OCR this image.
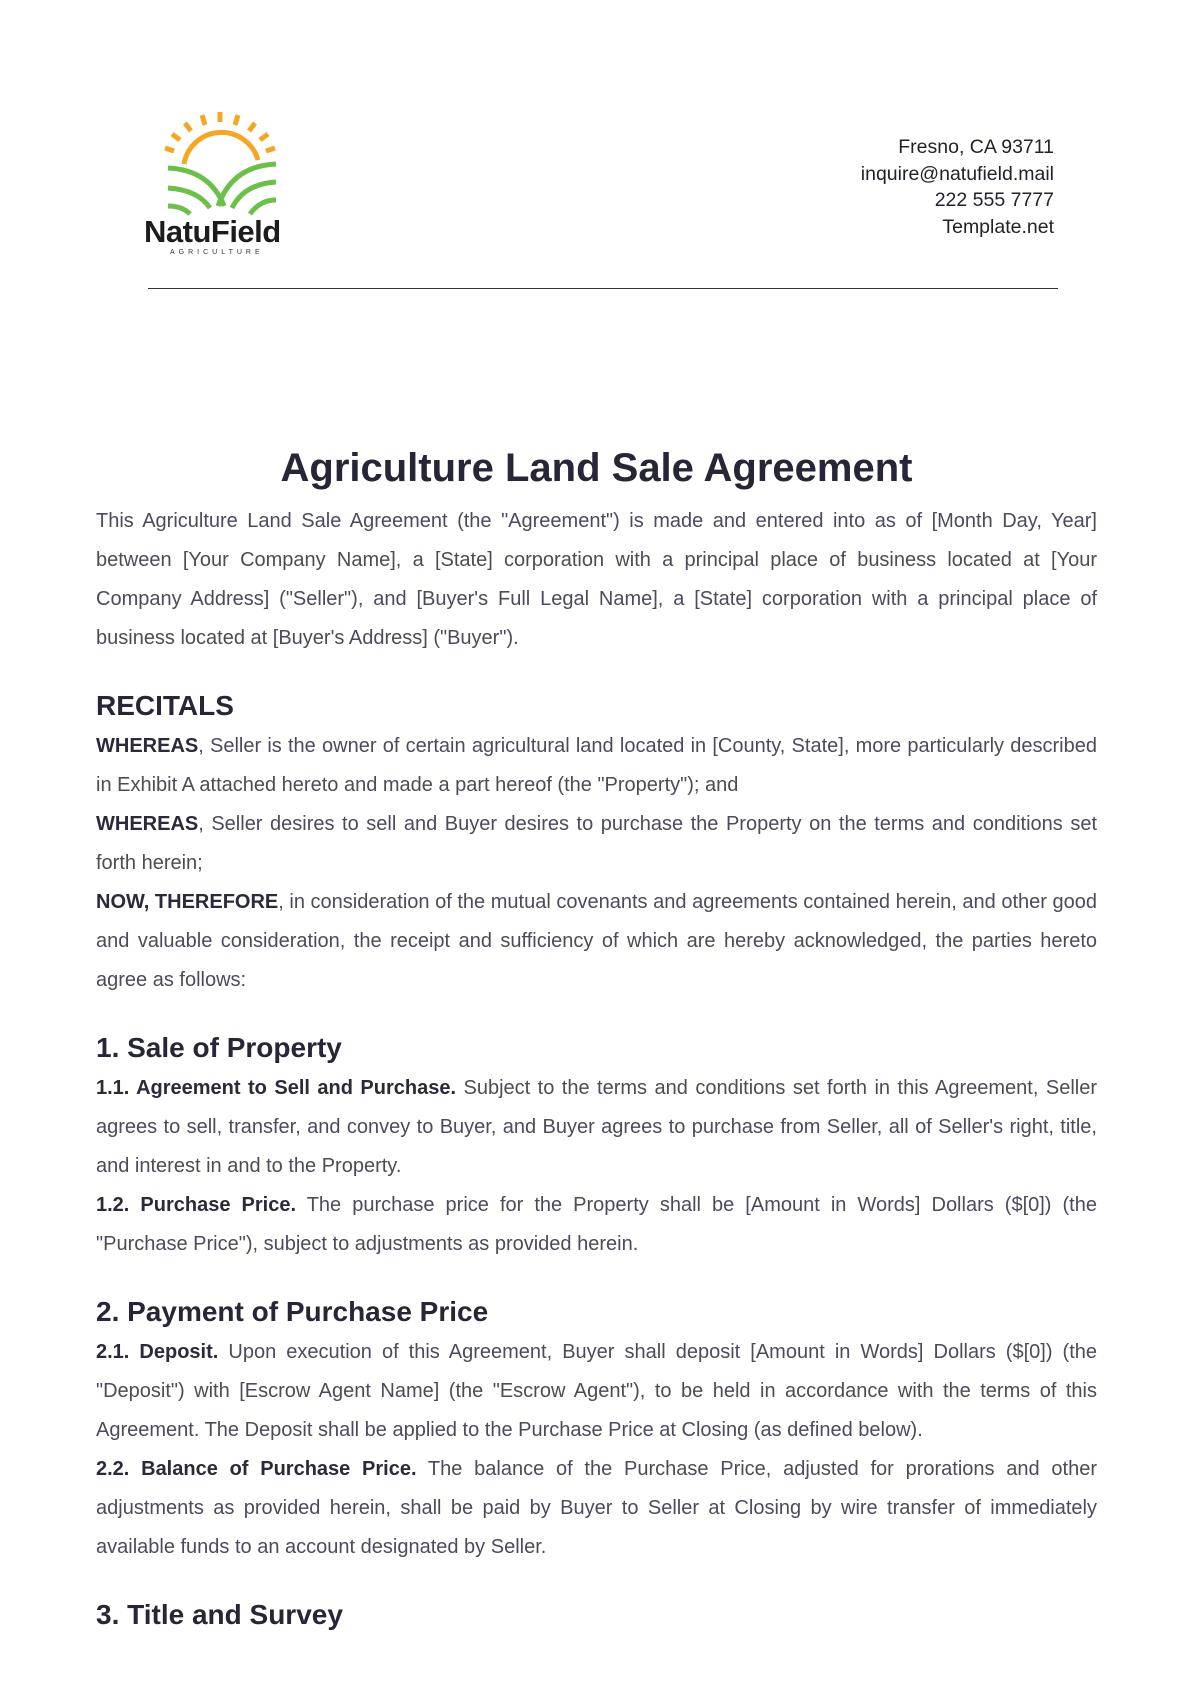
NatuField
AGRICULTURE
Fresno, CA 93711
inquire@natufield.mail
222 555 7777
Template.net
Agriculture Land Sale Agreement

This Agriculture Land Sale Agreement (the "Agreement") is made and entered into as of [Month Day, Year] between [Your Company Name], a [State] corporation with a principal place of business located at [Your Company Address] ("Seller"), and [Buyer's Full Legal Name], a [State] corporation with a principal place of business located at [Buyer's Address] ("Buyer").

RECITALS

WHEREAS, Seller is the owner of certain agricultural land located in [County, State], more particularly described in Exhibit A attached hereto and made a part hereof (the "Property"); and

WHEREAS, Seller desires to sell and Buyer desires to purchase the Property on the terms and conditions set forth herein;

NOW, THEREFORE, in consideration of the mutual covenants and agreements contained herein, and other good and valuable consideration, the receipt and sufficiency of which are hereby acknowledged, the parties hereto agree as follows:

1. Sale of Property

1.1. Agreement to Sell and Purchase. Subject to the terms and conditions set forth in this Agreement, Seller agrees to sell, transfer, and convey to Buyer, and Buyer agrees to purchase from Seller, all of Seller's right, title, and interest in and to the Property.

1.2. Purchase Price. The purchase price for the Property shall be [Amount in Words] Dollars ($[0]) (the "Purchase Price"), subject to adjustments as provided herein.

2. Payment of Purchase Price

2.1. Deposit. Upon execution of this Agreement, Buyer shall deposit [Amount in Words] Dollars ($[0]) (the "Deposit") with [Escrow Agent Name] (the "Escrow Agent"), to be held in accordance with the terms of this Agreement. The Deposit shall be applied to the Purchase Price at Closing (as defined below).

2.2. Balance of Purchase Price. The balance of the Purchase Price, adjusted for prorations and other adjustments as provided herein, shall be paid by Buyer to Seller at Closing by wire transfer of immediately available funds to an account designated by Seller.

3. Title and Survey
